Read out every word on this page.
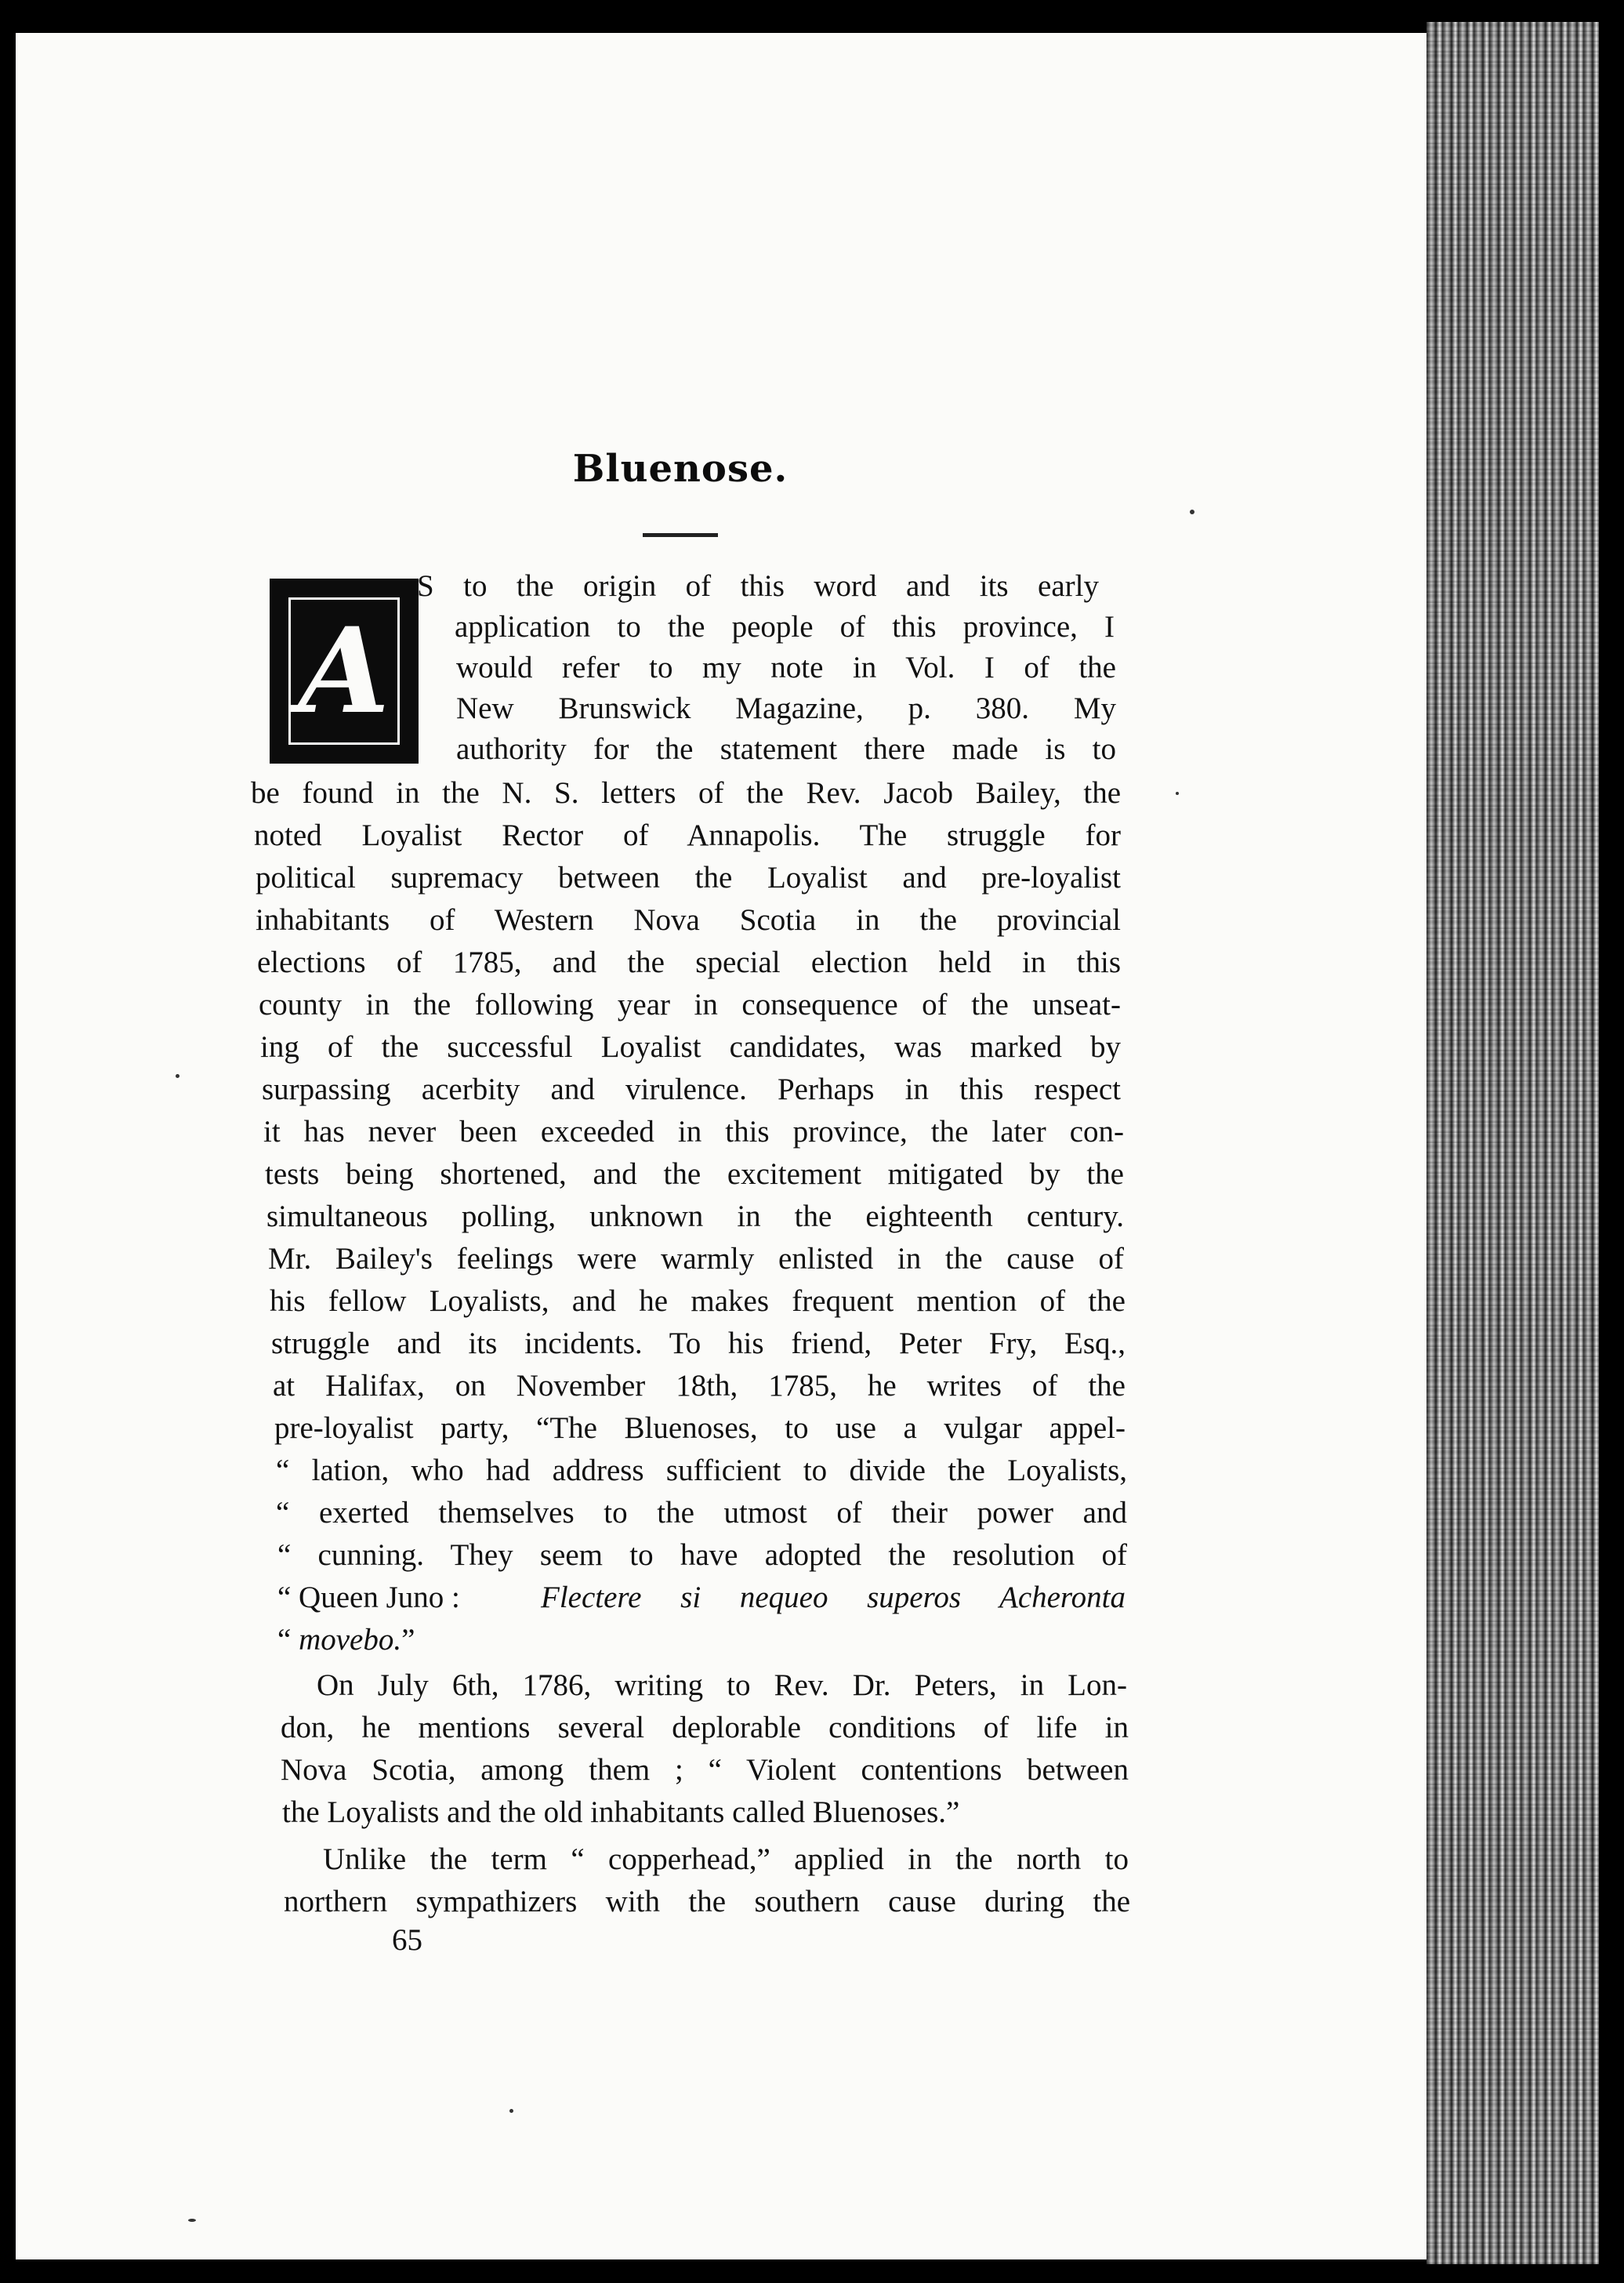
Bluenose.
A
S to the origin of this word and its early
application to the people of this province, I
would refer to my note in Vol. I of the
New Brunswick Magazine, p. 380. My
authority for the statement there made is to
be found in the N. S. letters of the Rev. Jacob Bailey, the
noted Loyalist Rector of Annapolis. The struggle for
political supremacy between the Loyalist and pre-loyalist
inhabitants of Western Nova Scotia in the provincial
elections of 1785, and the special election held in this
county in the following year in consequence of the unseat-
ing of the successful Loyalist candidates, was marked by
surpassing acerbity and virulence. Perhaps in this respect
it has never been exceeded in this province, the later con-
tests being shortened, and the excitement mitigated by the
simultaneous polling, unknown in the eighteenth century.
Mr. Bailey's feelings were warmly enlisted in the cause of
his fellow Loyalists, and he makes frequent mention of the
struggle and its incidents. To his friend, Peter Fry, Esq.,
at Halifax, on November 18th, 1785, he writes of the
pre-loyalist party, “The Bluenoses, to use a vulgar appel-
“ lation, who had address sufficient to divide the Loyalists,
“ exerted themselves to the utmost of their power and
“ cunning. They seem to have adopted the resolution of
“ Queen Juno :	Flectere si nequeo superos Acheronta
“ movebo.”
On July 6th, 1786, writing to Rev. Dr. Peters, in Lon-
don, he mentions several deplorable conditions of life in
Nova Scotia, among them ; “ Violent contentions between
the Loyalists and the old inhabitants called Bluenoses.”
Unlike the term “ copperhead,” applied in the north to
northern sympathizers with the southern cause during the
65
